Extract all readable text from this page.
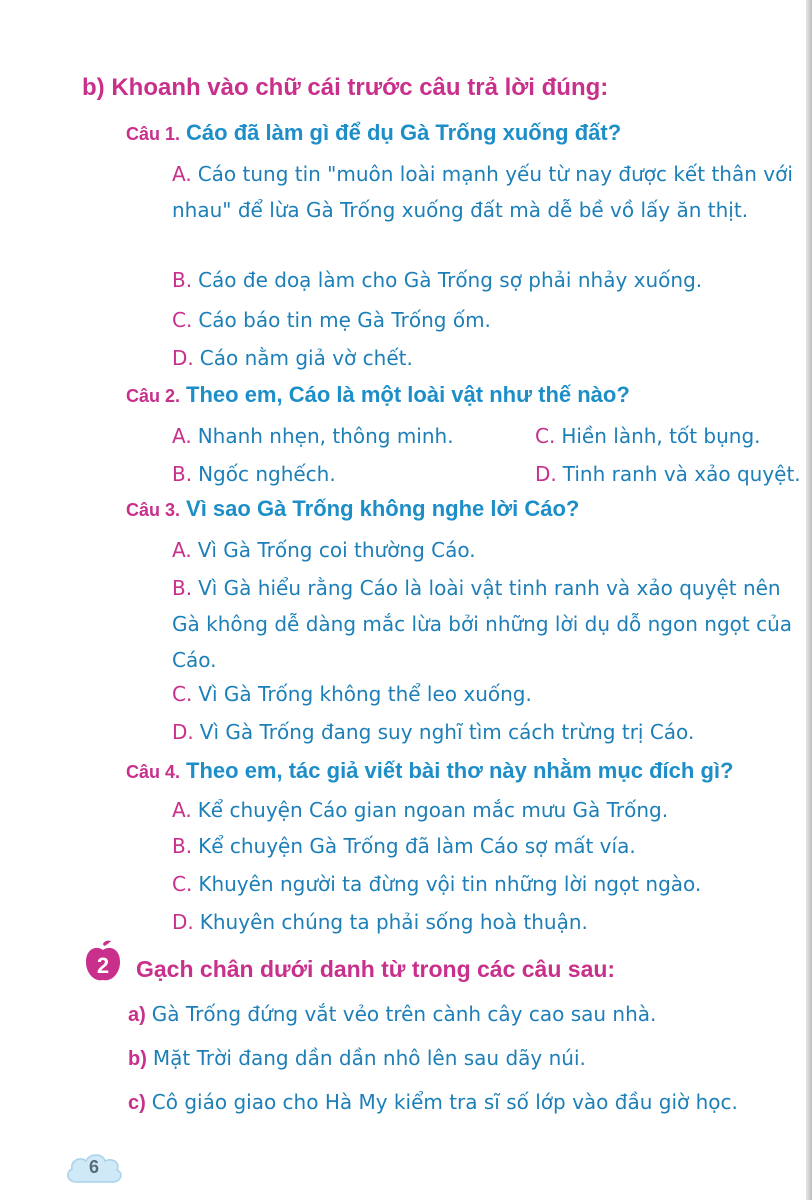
b) Khoanh vào chữ cái trước câu trả lời đúng:
Câu 1. Cáo đã làm gì để dụ Gà Trống xuống đất?
A. Cáo tung tin "muôn loài mạnh yếu từ nay được kết thân với nhau" để lừa Gà Trống xuống đất mà dễ bề vồ lấy ăn thịt.
B. Cáo đe doạ làm cho Gà Trống sợ phải nhảy xuống.
C. Cáo báo tin mẹ Gà Trống ốm.
D. Cáo nằm giả vờ chết.
Câu 2. Theo em, Cáo là một loài vật như thế nào?
A. Nhanh nhẹn, thông minh.	C. Hiền lành, tốt bụng.
B. Ngốc nghếch.	D. Tinh ranh và xảo quyệt.
Câu 3. Vì sao Gà Trống không nghe lời Cáo?
A. Vì Gà Trống coi thường Cáo.
B. Vì Gà hiểu rằng Cáo là loài vật tinh ranh và xảo quyệt nên Gà không dễ dàng mắc lừa bởi những lời dụ dỗ ngon ngọt của Cáo.
C. Vì Gà Trống không thể leo xuống.
D. Vì Gà Trống đang suy nghĩ tìm cách trừng trị Cáo.
Câu 4. Theo em, tác giả viết bài thơ này nhằm mục đích gì?
A. Kể chuyện Cáo gian ngoan mắc mưu Gà Trống.
B. Kể chuyện Gà Trống đã làm Cáo sợ mất vía.
C. Khuyên người ta đừng vội tin những lời ngọt ngào.
D. Khuyên chúng ta phải sống hoà thuận.
2 Gạch chân dưới danh từ trong các câu sau:
a) Gà Trống đứng vắt vẻo trên cành cây cao sau nhà.
b) Mặt Trời đang dần dần nhô lên sau dãy núi.
c) Cô giáo giao cho Hà My kiểm tra sĩ số lớp vào đầu giờ học.
6
